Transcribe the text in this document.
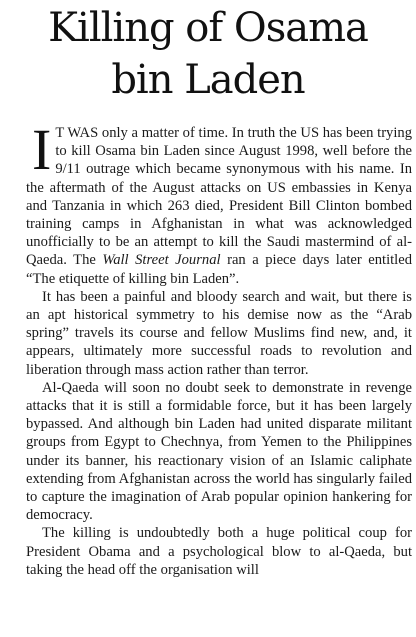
Killing of Osama
bin Laden

I T WAS only a matter of time. In truth the US has been trying to kill Osama bin Laden since August 1998, well before the 9/11 outrage which became synonymous with his name. In the aftermath of the August attacks on US embassies in Kenya and Tanzania in which 263 died, President Bill Clinton bombed training camps in Afghanistan in what was acknowledged unofficially to be an attempt to kill the Saudi mastermind of al-Qaeda. The Wall Street Journal ran a piece days later entitled “The etiquette of killing bin Laden”.

It has been a painful and bloody search and wait, but there is an apt historical symmetry to his demise now as the “Arab spring” travels its course and fellow Muslims find new, and, it appears, ultimately more successful roads to revolution and liberation through mass action rather than terror.

Al-Qaeda will soon no doubt seek to demonstrate in revenge attacks that it is still a formidable force, but it has been largely bypassed. And although bin Laden had united disparate militant groups from Egypt to Chechnya, from Yemen to the Philippines under its banner, his reactionary vision of an Islamic caliphate extending from Afghanistan across the world has singularly failed to capture the imagination of Arab popular opinion hankering for democracy.

The killing is undoubtedly both a huge political coup for President Obama and a psychological blow to al-Qaeda, but taking the head off the organisation will
